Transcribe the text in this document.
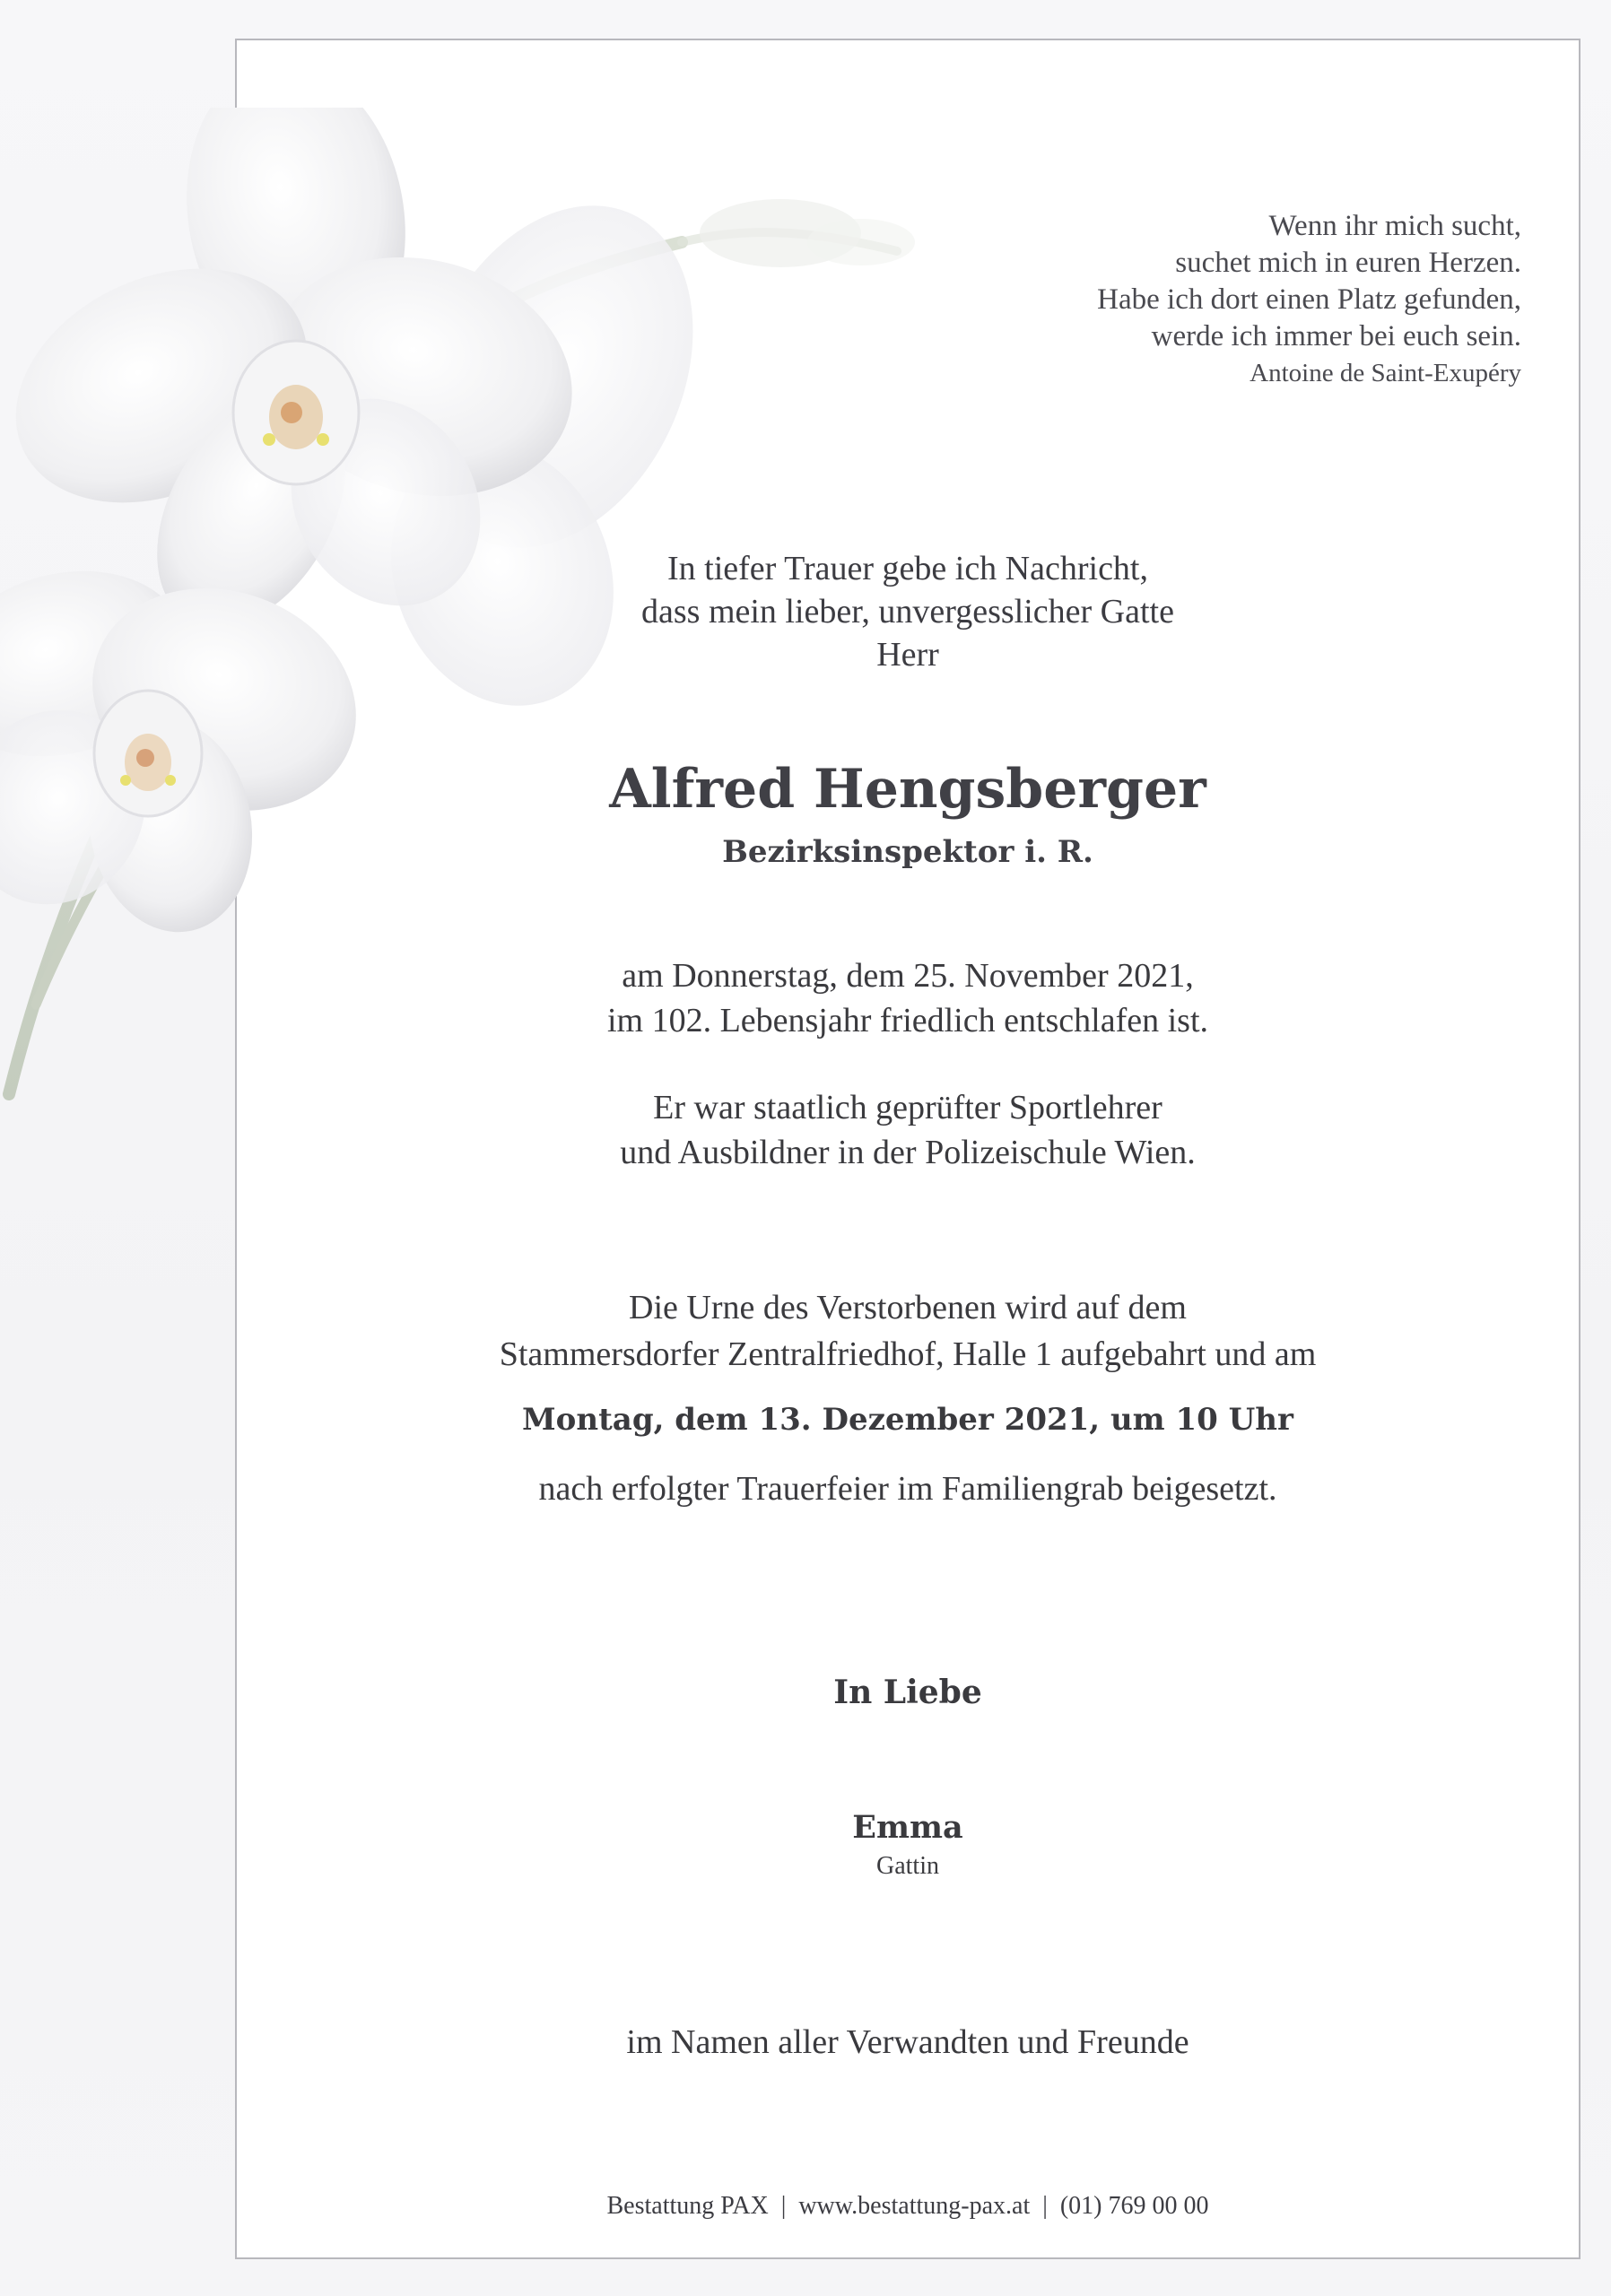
Wenn ihr mich sucht,
suchet mich in euren Herzen.
Habe ich dort einen Platz gefunden,
werde ich immer bei euch sein.
Antoine de Saint-Exupéry
In tiefer Trauer gebe ich Nachricht,
dass mein lieber, unvergesslicher Gatte
Herr
Alfred Hengsberger
Bezirksinspektor i. R.
am Donnerstag, dem 25. November 2021,
im 102. Lebensjahr friedlich entschlafen ist.
Er war staatlich geprüfter Sportlehrer
und Ausbildner in der Polizeischule Wien.
Die Urne des Verstorbenen wird auf dem
Stammersdorfer Zentralfriedhof, Halle 1 aufgebahrt und am
Montag, dem 13. Dezember 2021, um 10 Uhr
nach erfolgter Trauerfeier im Familiengrab beigesetzt.
In Liebe
Emma
Gattin
im Namen aller Verwandten und Freunde
Bestattung PAX | www.bestattung-pax.at | (01) 769 00 00
